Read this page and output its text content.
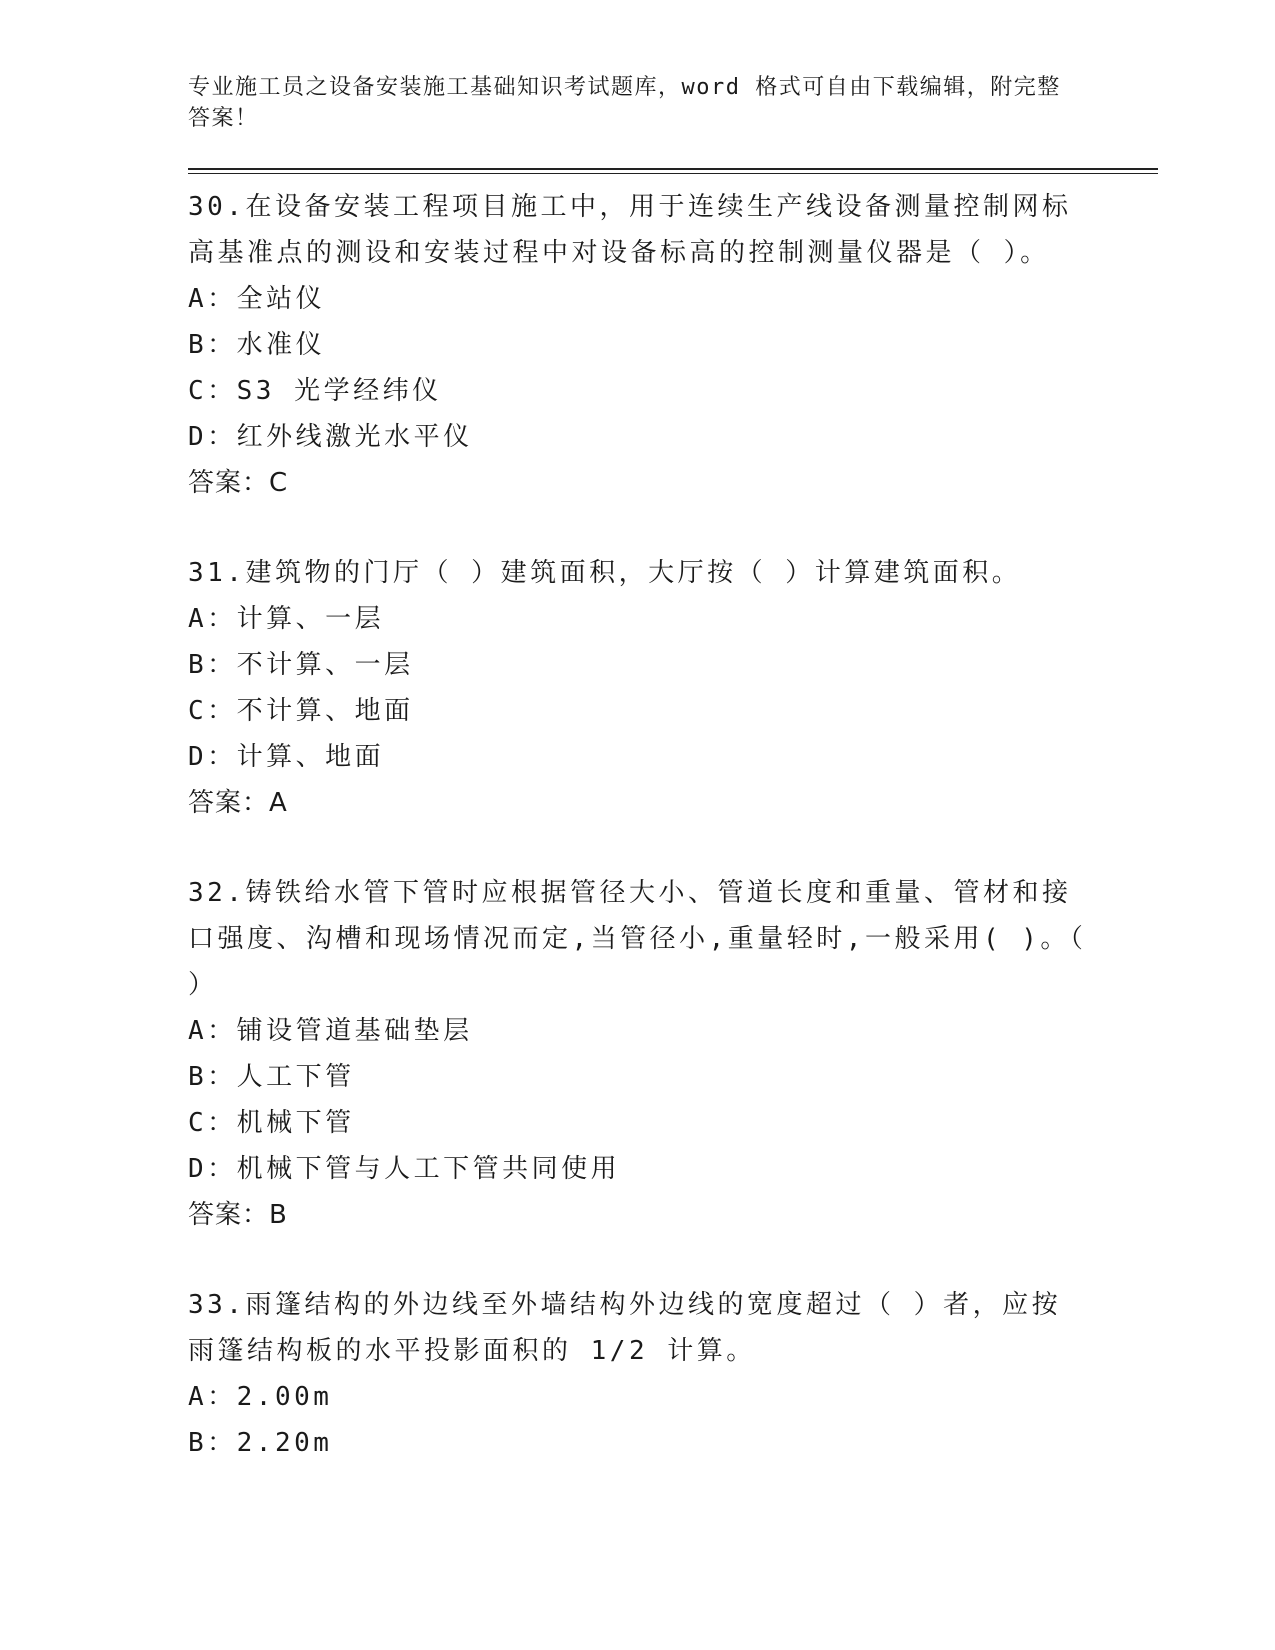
专业施工员之设备安装施工基础知识考试题库，word 格式可自由下载编辑，附完整答案！
30.在设备安装工程项目施工中，用于连续生产线设备测量控制网标高基准点的测设和安装过程中对设备标高的控制测量仪器是（ ）。
A：全站仪
B：水准仪
C：S3 光学经纬仪
D：红外线激光水平仪
答案：C
31.建筑物的门厅（ ）建筑面积，大厅按（ ）计算建筑面积。
A：计算、一层
B：不计算、一层
C：不计算、地面
D：计算、地面
答案：A
32.铸铁给水管下管时应根据管径大小、管道长度和重量、管材和接口强度、沟槽和现场情况而定,当管径小,重量轻时,一般采用( )。（ ）
A：铺设管道基础垫层
B：人工下管
C：机械下管
D：机械下管与人工下管共同使用
答案：B
33.雨篷结构的外边线至外墙结构外边线的宽度超过（ ）者，应按雨篷结构板的水平投影面积的 1/2 计算。
A：2.00m
B：2.20m
